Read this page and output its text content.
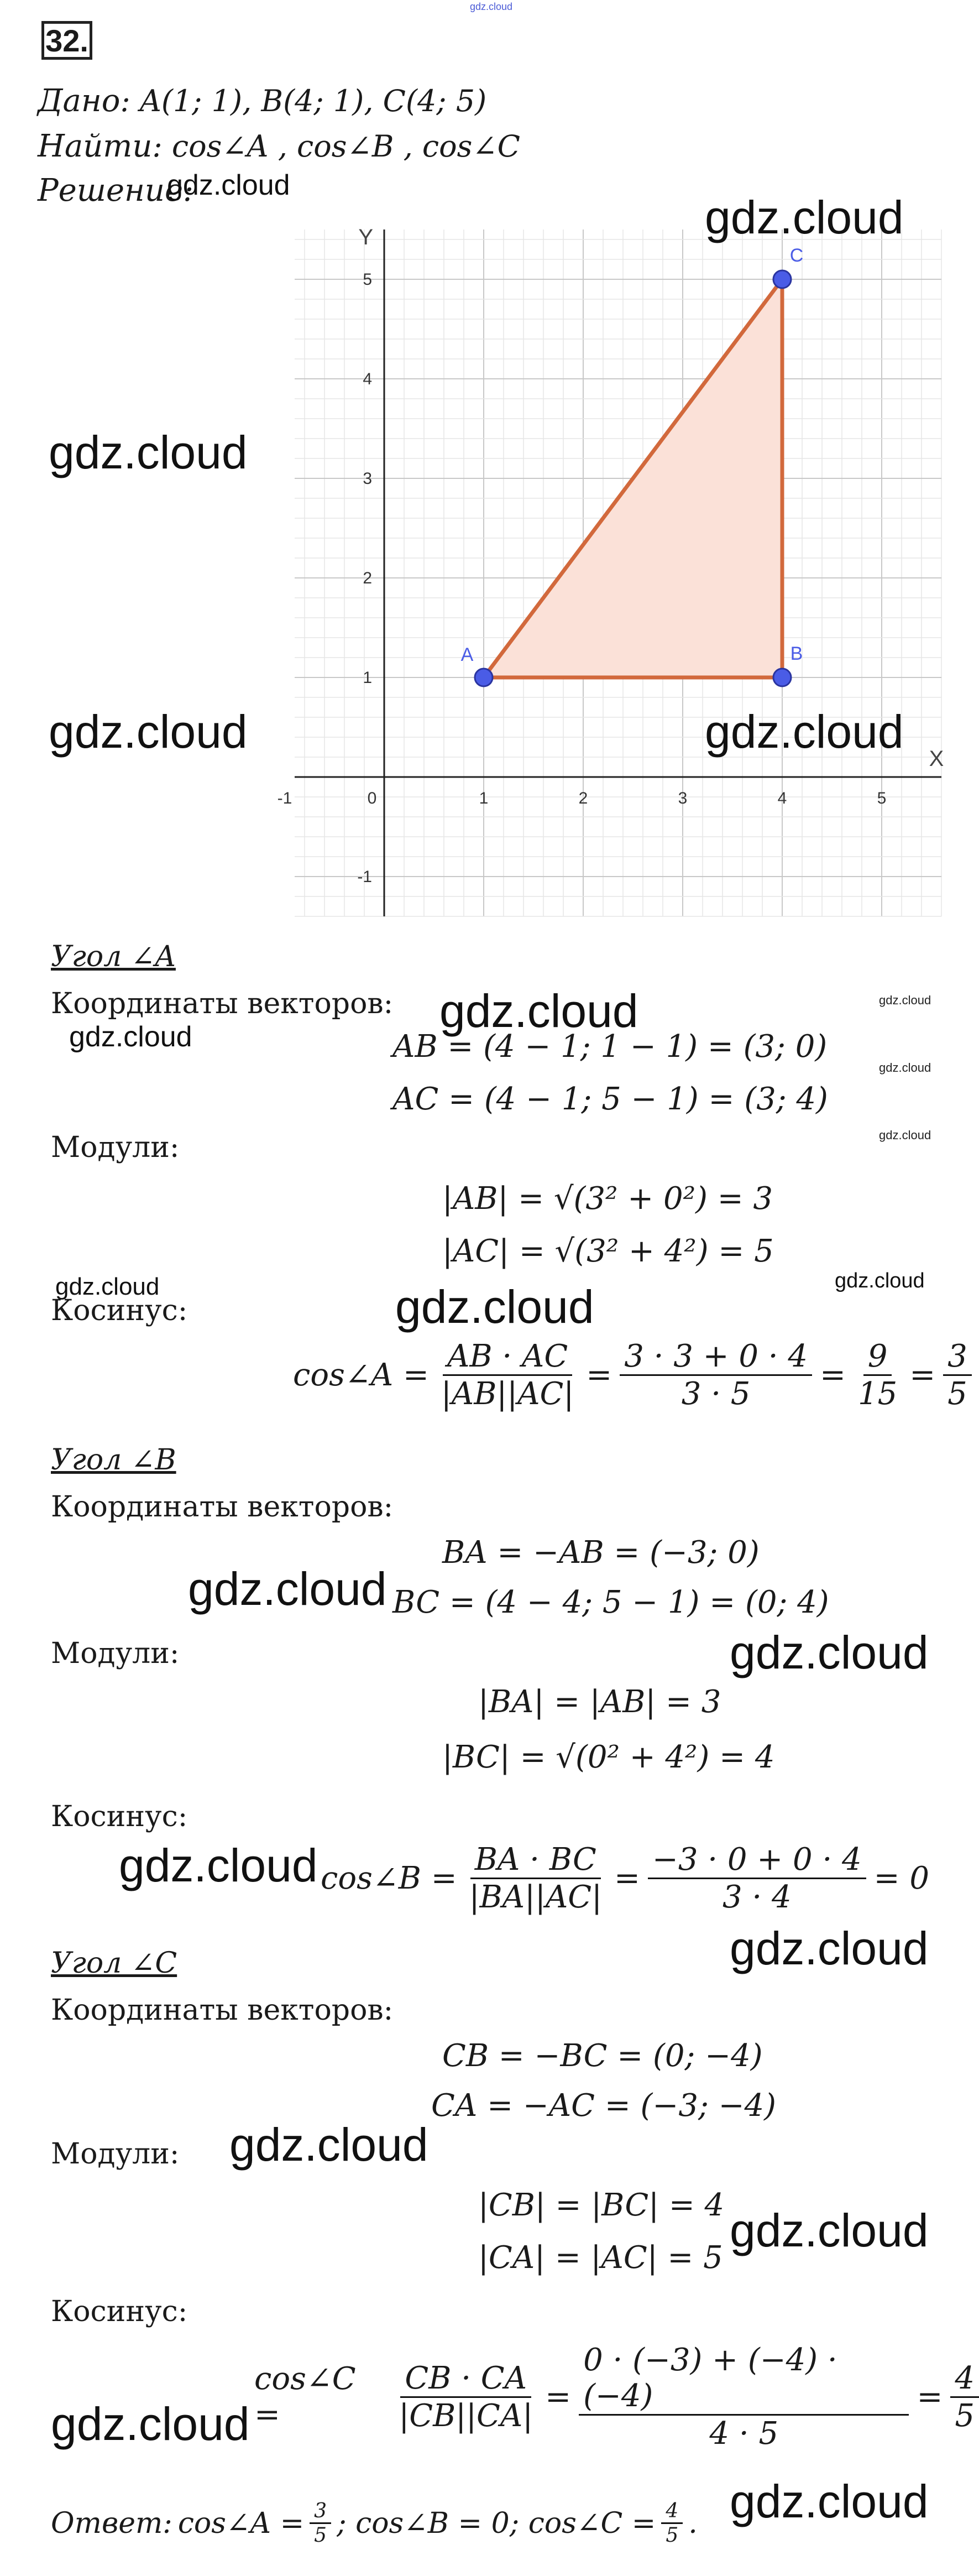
gdz.cloud
32.
Дано: A(1; 1), B(4; 1), C(4; 5)
Найти: cos∠A , cos∠B , cos∠C
Решение:
-1	0	1	2	3	4	5
5
4
3
2
1
-1
X
Y
A	B
C
Угол ∠A
Координаты векторов:
AB = (4 − 1; 1 − 1) = (3; 0)
AC = (4 − 1; 5 − 1) = (3; 4)
Модули:
|AB| = √(3² + 0²) = 3
|AC| = √(3² + 4²) = 5
Косинус:
cos∠A = $\frac{AB \cdot AC}{|AB||AC|} = \frac{3 \cdot 3 + 0 \cdot 4}{3 \cdot 5} = \frac{9}{15} = \frac{3}{5}$
Угол ∠B
Координаты векторов:
BA = −AB = (−3; 0)
BC = (4 − 4; 5 − 1) = (0; 4)
Модули:
|BA| = |AB| = 3
|BC| = √(0² + 4²) = 4
Косинус:
cos∠B = $\frac{BA \cdot BC}{|BA||AC|} = \frac{-3 \cdot 0 + 0 \cdot 4}{3 \cdot 4} = 0$
Угол ∠C
Координаты векторов:
CB = −BC = (0; −4)
CA = −AC = (−3; −4)
Модули:
|CB| = |BC| = 4
|CA| = |AC| = 5
Косинус:
cos∠C =	$\frac{CB \cdot CA}{|CB||CA|} = \frac{0 \cdot (-3) + (-4) \cdot (-4)}{4 \cdot 5} = \frac{4}{5}$
Ответ: cos∠A = $\frac{3}{5}$ ; cos∠B = 0; cos∠C = $\frac{4}{5}$ .
gdz.cloud
gdz.cloud
gdz.cloud
gdz.cloud	gdz.cloud
gdz.cloud
gdz.cloud
gdz.cloud
gdz.cloud
gdz.cloud
gdz.cloud	gdz.cloud
gdz.cloud
gdz.cloud
gdz.cloud
gdz.cloud
gdz.cloud
gdz.cloud
gdz.cloud
gdz.cloud
gdz.cloud
